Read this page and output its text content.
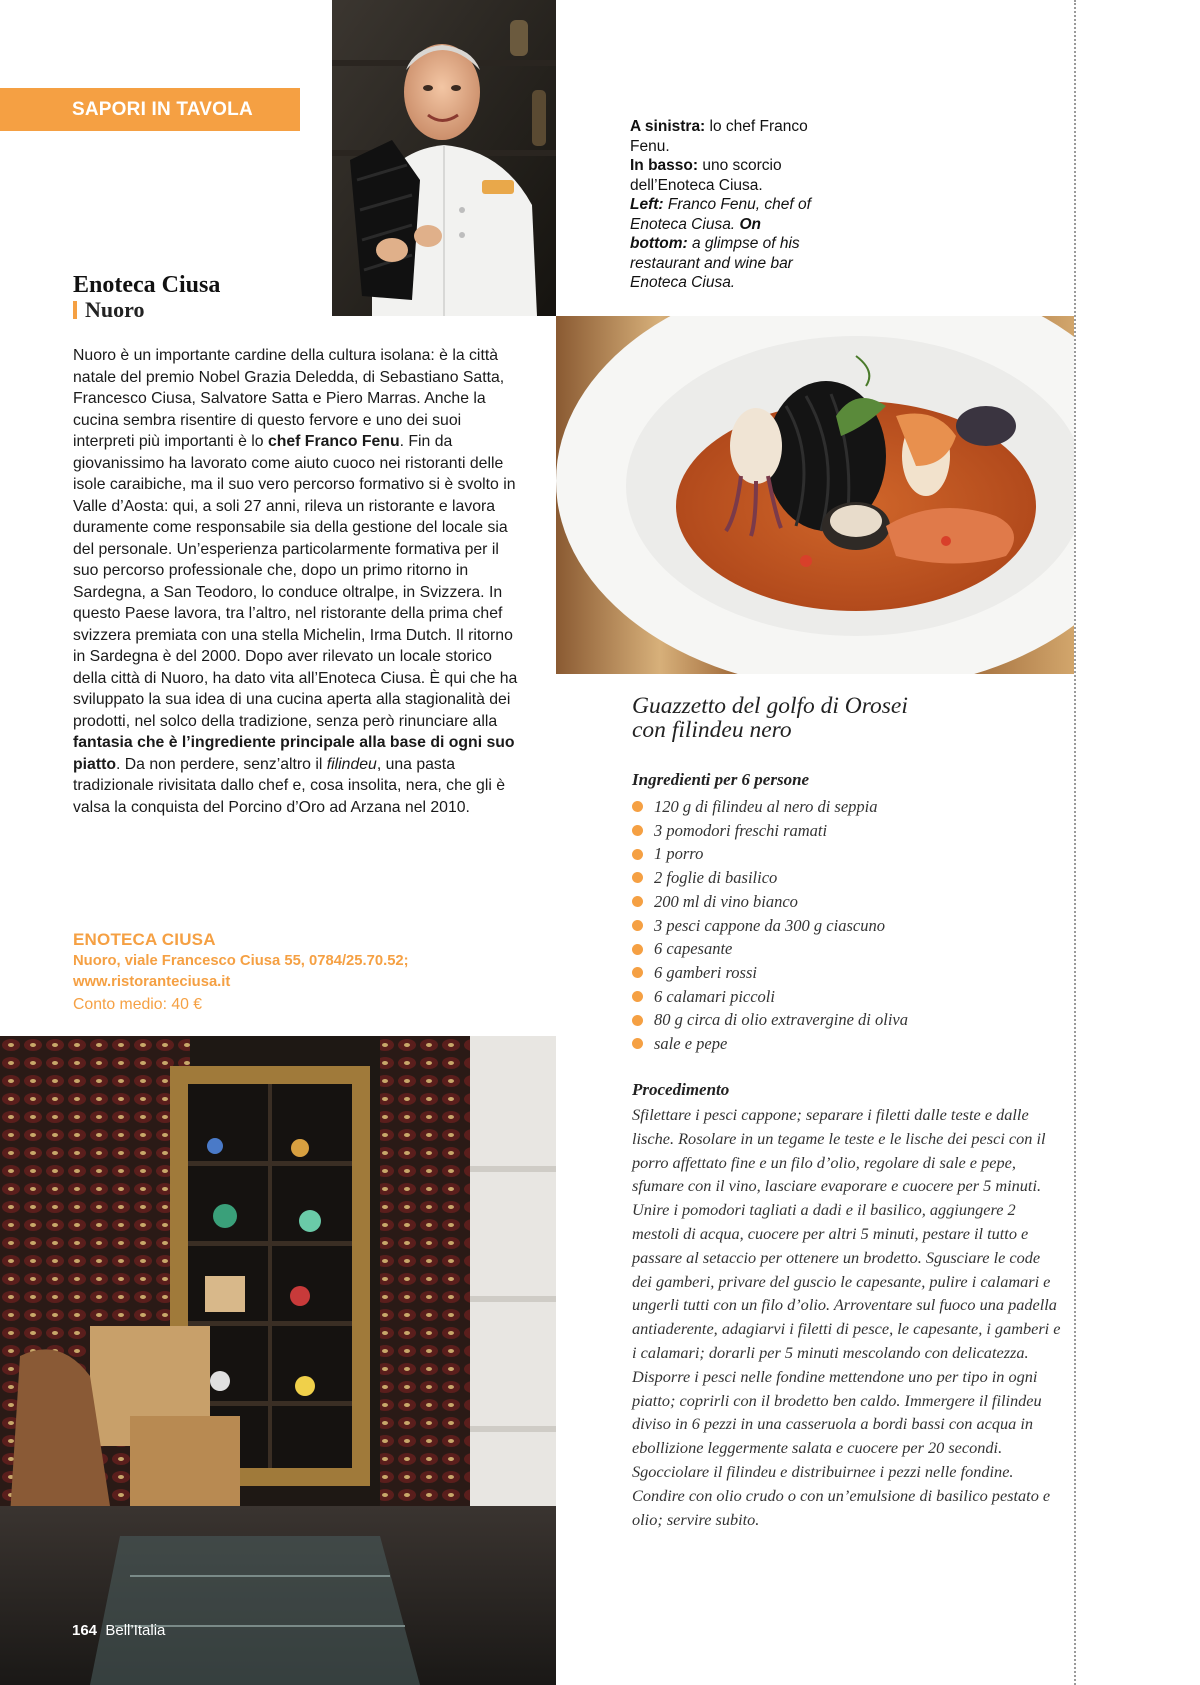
SAPORI IN TAVOLA
A sinistra: lo chef Franco Fenu.
In basso: uno scorcio dell’Enoteca Ciusa.
Left: Franco Fenu, chef of Enoteca Ciusa. On bottom: a glimpse of his restaurant and wine bar Enoteca Ciusa.
Enoteca Ciusa
Nuoro

Nuoro è un importante cardine della cultura isolana: è la città natale del premio Nobel Grazia Deledda, di Sebastiano Satta, Francesco Ciusa, Salvatore Satta e Piero Marras. Anche la cucina sembra risentire di questo fervore e uno dei suoi interpreti più importanti è lo chef Franco Fenu. Fin da giovanissimo ha lavorato come aiuto cuoco nei ristoranti delle isole caraibiche, ma il suo vero percorso formativo si è svolto in Valle d’Aosta: qui, a soli 27 anni, rileva un ristorante e lavora duramente come responsabile sia della gestione del locale sia del personale. Un’esperienza particolarmente formativa per il suo percorso professionale che, dopo un primo ritorno in Sardegna, a San Teodoro, lo conduce oltralpe, in Svizzera. In questo Paese lavora, tra l’altro, nel ristorante della prima chef svizzera premiata con una stella Michelin, Irma Dutch. Il ritorno in Sardegna è del 2000. Dopo aver rilevato un locale storico della città di Nuoro, ha dato vita all’Enoteca Ciusa. È qui che ha sviluppato la sua idea di una cucina aperta alla stagionalità dei prodotti, nel solco della tradizione, senza però rinunciare alla fantasia che è l’ingrediente principale alla base di ogni suo piatto. Da non perdere, senz’altro il filindeu, una pasta tradizionale rivisitata dallo chef e, cosa insolita, nera, che gli è valsa la conquista del Porcino d’Oro ad Arzana nel 2010.

ENOTECA CIUSA
Nuoro, viale Francesco Ciusa 55, 0784/25.70.52;
www.ristoranteciusa.it
Conto medio: 40 €
Guazzetto del golfo di Orosei
con filindeu nero
Ingredienti per 6 persone
120 g di filindeu al nero di seppia
3 pomodori freschi ramati
1 porro
2 foglie di basilico
200 ml di vino bianco
3 pesci cappone da 300 g ciascuno
6 capesante
6 gamberi rossi
6 calamari piccoli
80 g circa di olio extravergine di oliva
sale e pepe
Procedimento
Sfilettare i pesci cappone; separare i filetti dalle teste e dalle lische. Rosolare in un tegame le teste e le lische dei pesci con il porro affettato fine e un filo d’olio, regolare di sale e pepe, sfumare con il vino, lasciare evaporare e cuocere per 5 minuti. Unire i pomodori tagliati a dadi e il basilico, aggiungere 2 mestoli di acqua, cuocere per altri 5 minuti, pestare il tutto e passare al setaccio per ottenere un brodetto. Sgusciare le code dei gamberi, privare del guscio le capesante, pulire i calamari e ungerli tutti con un filo d’olio. Arroventare sul fuoco una padella antiaderente, adagiarvi i filetti di pesce, le capesante, i gamberi e i calamari; dorarli per 5 minuti mescolando con delicatezza. Disporre i pesci nelle fondine mettendone uno per tipo in ogni piatto; coprirli con il brodetto ben caldo. Immergere il filindeu diviso in 6 pezzi in una casseruola a bordi bassi con acqua in ebollizione leggermente salata e cuocere per 20 secondi. Sgocciolare il filindeu e distribuirnee i pezzi nelle fondine. Condire con olio crudo o con un’emulsione di basilico pestato e olio; servire subito.
164 Bell’Italia
